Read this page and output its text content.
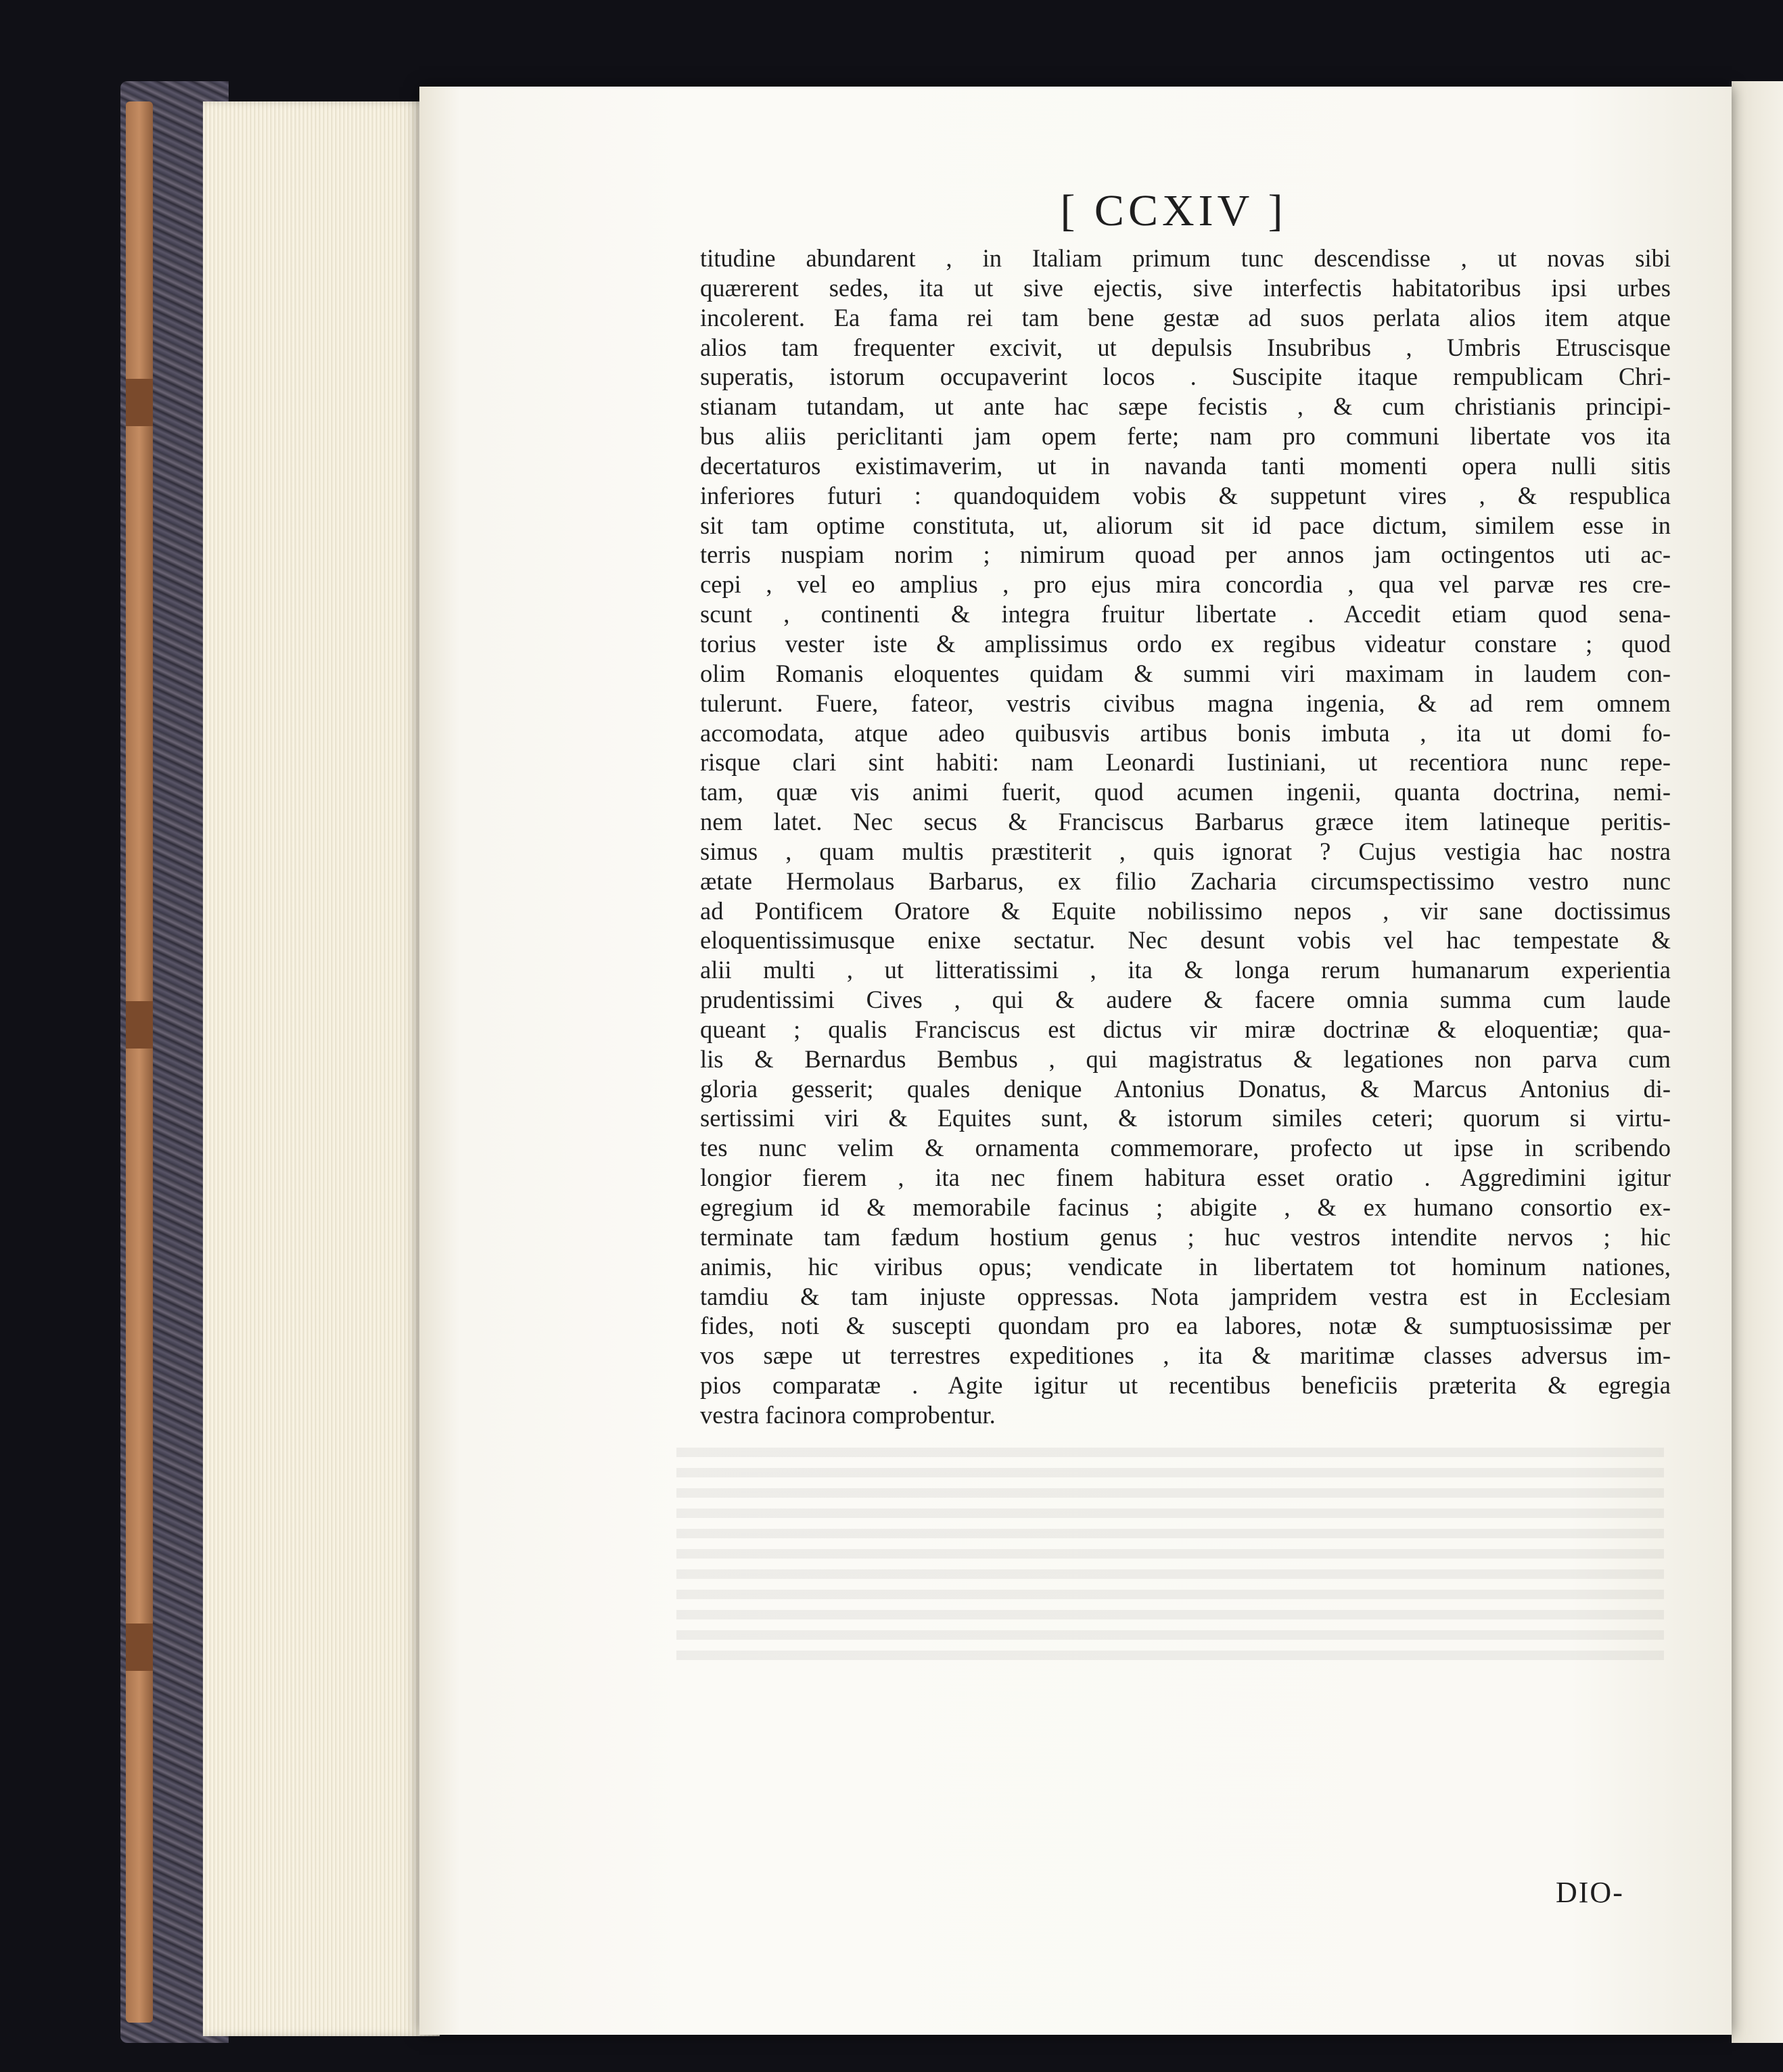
[ CCXIV ]
titudine abundarent , in Italiam primum tunc descendisse , ut novas sibi
quærerent sedes, ita ut sive ejectis, sive interfectis habitatoribus ipsi urbes
incolerent. Ea fama rei tam bene gestæ ad suos perlata alios item atque
alios tam frequenter excivit, ut depulsis Insubribus , Umbris Etruscisque
superatis, istorum occupaverint locos . Suscipite itaque rempublicam Chri-
stianam tutandam, ut ante hac sæpe fecistis , & cum christianis principi-
bus aliis periclitanti jam opem ferte; nam pro communi libertate vos ita
decertaturos existimaverim, ut in navanda tanti momenti opera nulli sitis
inferiores futuri : quandoquidem vobis & suppetunt vires , & respublica
sit tam optime constituta, ut, aliorum sit id pace dictum, similem esse in
terris nuspiam norim ; nimirum quoad per annos jam octingentos uti ac-
cepi , vel eo amplius , pro ejus mira concordia , qua vel parvæ res cre-
scunt , continenti & integra fruitur libertate . Accedit etiam quod sena-
torius vester iste & amplissimus ordo ex regibus videatur constare ; quod
olim Romanis eloquentes quidam & summi viri maximam in laudem con-
tulerunt. Fuere, fateor, vestris civibus magna ingenia, & ad rem omnem
accomodata, atque adeo quibusvis artibus bonis imbuta , ita ut domi fo-
risque clari sint habiti: nam Leonardi Iustiniani, ut recentiora nunc repe-
tam, quæ vis animi fuerit, quod acumen ingenii, quanta doctrina, nemi-
nem latet. Nec secus & Franciscus Barbarus græce item latineque peritis-
simus , quam multis præstiterit , quis ignorat ? Cujus vestigia hac nostra
ætate Hermolaus Barbarus, ex filio Zacharia circumspectissimo vestro nunc
ad Pontificem Oratore & Equite nobilissimo nepos , vir sane doctissimus
eloquentissimusque enixe sectatur. Nec desunt vobis vel hac tempestate &
alii multi , ut litteratissimi , ita & longa rerum humanarum experientia
prudentissimi Cives , qui & audere & facere omnia summa cum laude
queant ; qualis Franciscus est dictus vir miræ doctrinæ & eloquentiæ; qua-
lis & Bernardus Bembus , qui magistratus & legationes non parva cum
gloria gesserit; quales denique Antonius Donatus, & Marcus Antonius di-
sertissimi viri & Equites sunt, & istorum similes ceteri; quorum si virtu-
tes nunc velim & ornamenta commemorare, profecto ut ipse in scribendo
longior fierem , ita nec finem habitura esset oratio . Aggredimini igitur
egregium id & memorabile facinus ; abigite , & ex humano consortio ex-
terminate tam fædum hostium genus ; huc vestros intendite nervos ; hic
animis, hic viribus opus; vendicate in libertatem tot hominum nationes,
tamdiu & tam injuste oppressas. Nota jampridem vestra est in Ecclesiam
fides, noti & suscepti quondam pro ea labores, notæ & sumptuosissimæ per
vos sæpe ut terrestres expeditiones , ita & maritimæ classes adversus im-
pios comparatæ . Agite igitur ut recentibus beneficiis præterita & egregia
vestra facinora comprobentur.
DIO-
